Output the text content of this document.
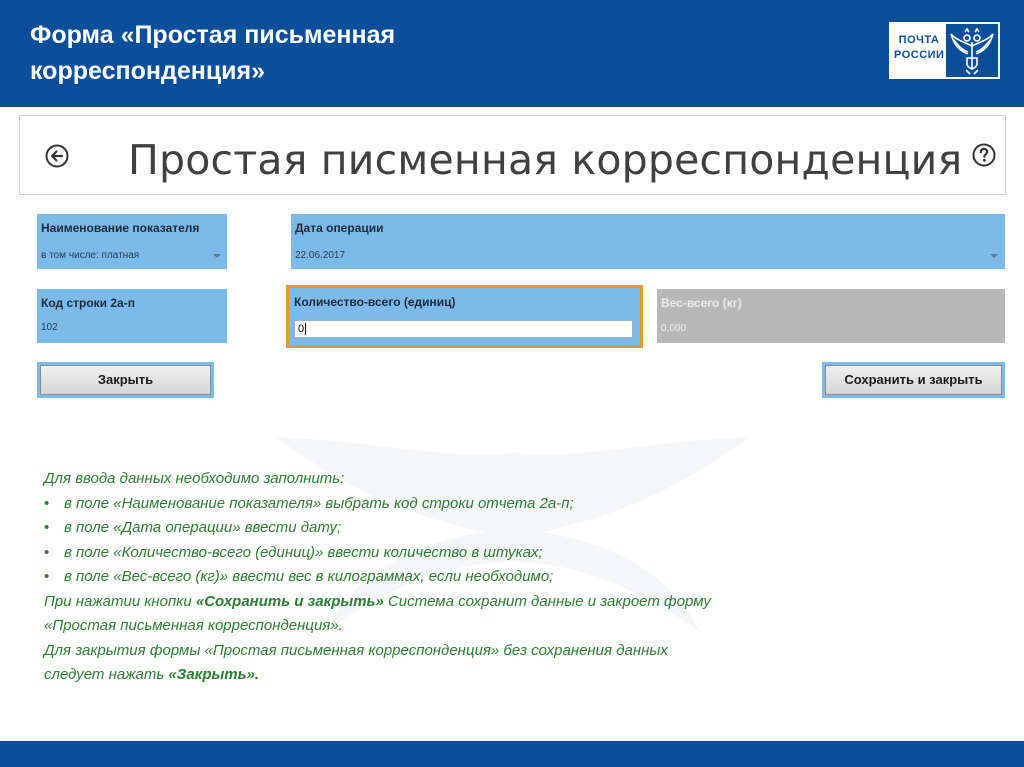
Форма «Простая письменная
корреспонденция»
ПОЧТА
РОССИИ
Простая писменная корреспонденция
Наименование показателя
в том числе: платная
Дата операции
22.06.2017
Код строки 2а-п
102
Количество-всего (единиц)
0
Вес-всего (кг)
0,000
Закрыть	Сохранить и закрыть

Для ввода данных необходимо заполнить:

• в поле «Наименование показателя» выбрать код строки отчета 2а-п;

• в поле «Дата операции» ввести дату;

• в поле «Количество-всего (единиц)» ввести количество в штуках;

• в поле «Вес-всего (кг)» ввести вес в килограммах, если необходимо;

При нажатии кнопки «Сохранить и закрыть» Система сохранит данные и закроет форму

«Простая письменная корреспонденция».

Для закрытия формы «Простая письменная корреспонденция» без сохранения данных

следует нажать «Закрыть».
